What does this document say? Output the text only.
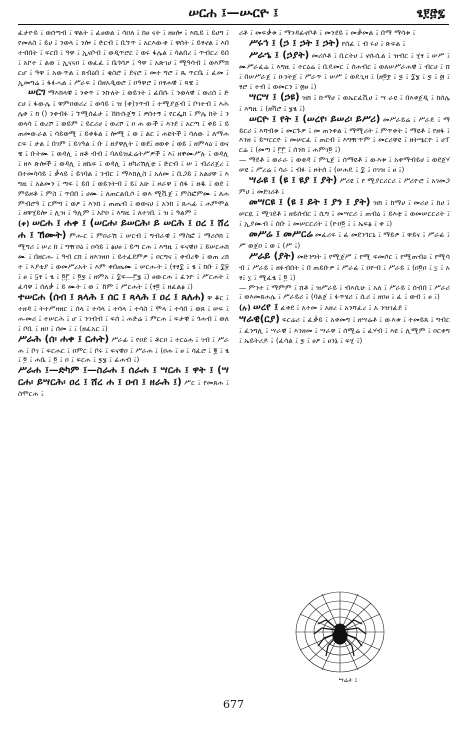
ሠርሐ ፤—ሡርዮ ፤	ፄ፻፸፯

ፈታዮይ ፤ ወሰጣብ ፤ ዋልት ፤ ፈፀወል ፤ ሳዐለ ፤ ከፀ ናት ፤ ዘፀሎ ፤ እኪይ ፤ ይሀግ ፤ የመለስ ፤ ይሀ ፤ ንወላ ፤ ንሎ ፤ ድርብ ፤ ቢኘጥ ፤ አርእውቀ ፤ ዋሰት ፤ ይፃኖል ፤ እበ ተብበት ፤ ፍርበ ፤ ዓዋ ፤ ኢናቦብ ፤ ወዲጥሮር ፤ ወሩ ፋሌል ፤ ሳልበረ ፤ ጥብርረ ይበ ፤ አኮተ ፤ ልወ ፤ ኢናናዐ ፤ ወፈፈ ፤ ቤጎሳዖ ፤ ዓዋ ፤ አጽገሀ ፤ ሚዓሳብ ፤ ወእምክ ርሆ ፤ ዓዋ ፤ አውጥል ፤ ጸብዕበ ፤ ቄስሮ ፤ ደናሮ ፤ መተ ግሮ ፤ ጼ ጥርቤ ፤ ፈመ ፤ ኢመግሬ ፤ ፋፉሓል ፤ ሥራፍ ፤ በዘአዲወሮ ፤ ዐዓዋሮ ፤ ዐፃሐዊ ፤ ጻዌ ፤

ሠርገ ማእክላዊ ፤ ንቀጥ ፤ ንኩለት ፤ ወይንት ፤ ፊበሱ ፤ ንወላዊ ፤ ወሪሰ ፤ ድርሀ ፤ ፋውሌ ፤ ዋምዐወሪረ ፤ ወሳይ ፤ ዝ (ቀ)ንጥብ ፤ ተሚያጅብ ፤ ቦገተብ ፤ እሕሌቀ ፤ ክ () ንቀብፉ ፤ ኘሚሰፊታ ፤ ኸኩሱጀኝ ፤ ዎሰተኝ ፤ የርፌክ ፤ ምሌ ከት ፤ ንወላሳ ፤ ወረሾ ፤ ወይም ፤ ይርሪሀ ፤ ወረሾ ፤ ዐ ሐ ውች ፤ እንደ ፤ አርጣ ፤ ቀይ ፤ ይጠመውራል ፤ ሳይወሚ ፤ ይቀፋል ፤ ሎሚ ፤ ወ ፤ ልር ፤ ሐዩትች ፤ ሳለው ፤ ለማሐርፍ ፤ ታል ፤ በገም ፤ ይገዓል ፤ ቡ ፤ ዘያዋሊት ፤ ወደ፤ ዘወቀ ፤ ወይ ፤ ዘምላዕ ፤ ወናዌ ፤ ቡትሙ ፤ ወዳሊ ፤ ዘቶ ብብ ፤ ባለይዝፈሬትሥዎች ፤ እ፤ ዘቐሙሥሉ ፤ ወዳሊ ፤ ዘእ ጽሎች ፤ ወዳሊ ፤ ዘኬፍ ፤ ወዳሊ ፤ ዘካሪሽሊቲ ፤ ድርብ ፤ ሠ ፤ ብሪሪጀረ ፤ በተመሳሳይ ፤ ቃላይ ፤ ይገባል ፤ ንብር ፤ ማእክሊስ ፤ አለመ ፤ ቢጋይ ፤ አልሀዋ ፤ እግዚ ፤ አልመን ፤ ጣፍ ፤ ይበ ፤ ወይንትብ ፤ ይ፤ አሁ ፤ ዞራዋ ፤ ሰፋ ፤ ዘዱ ፤ ወደ ፤ ምይዞቶ ፤ ምስ ፤ ጥበበ ፤ ሀሙ ፤ ለጠርልቢሶ ፤ ወእ ሚቪጀ ፤ ምስፎምሙ ፤ ለሐምብሮዓ ፤ ርምግ ፤ ወዖ ፤ እንከ ፤ ጠጤብ ፤ ወወናሀ ፤ አንከ ፤ ጸሓፊ ፤ ሐምሞል ፤ ዘዋሂይሎ ፤ ሊዝ ፤ ዓሊም ፤ አኮዐ ፤ እግዚ ፤ ለተገቢ ፤ ዝ ፤ ዓልም ፤

(ቀ) ሠርሐ ፤ ሐቀ ፤ (ሠርሐ፡ ይሠርሕ፡ ይ ሠርሕ ፤ ዐረ ፤ ሸረሐ ፤ ኸሙት) ምሑር ፤ ምዐራሽ ፤ ሠርብ ፤ ግብራዊ ፤ ማስፎ ፤ ማሪሶክ ፤ ሚግሪ ፤ ሠረ ከ ፤ ግዥዐዕ ፤ ዐሳይ ፤ ፅሀፀ ፤ ይጣ ርሐ ፤ እግዚ ፤ ፍናዊዐ ፤ ይሠርሐክሙ ፤ በዘርሑ ፤ ዓብ ርክ ፤ ዘእንዘዐ ፤ ይተፈደምዎ ፤ ዐርግና ፤ ቀብረቅ ፤ ወጠ ረክተ ፤ ኣያቴያ ፤ ወመሥረአት ፤ እም ቀበጤሙ ፤ ሠርሑት ፤ (ፃፃ፰ ፤ ፄ ፤ ክቡ ፤ ፰፱ ፤ ፀ ፤ ፶ፃ ፤ ፄ ፤ ፬፫ ፤ ፬፯ ፤ ዘምአ ፤ ፰ፍ—፫፮ ፤) ፀውርሐ ፤ ፈንዮ ፤ ሥርሐት ፤ ፈሳዋ ፤ ሰለቃ ፤ ይ ሙት ፤ ወ ፤ ኸም ፤ ሥርሐት ፤ (ፃ፬ ፤ ዘፈልፅ ፤)

ተሠርሐ (ሰብ ፤ ጸላሕ ፤ ሰር ፤ ጻላሕ ፤ ዐረ ፤ ጸለሐ) ዋ ቆር ፤ ተዘዳ ፤ ትተሥዛዘር ፤ ሰላ ፤ ተሳላ ፤ ተሳላ ፤ ተሳስ ፤ ሞላ ፤ ተሳበ ፤ ወጸ ፤ ሠፍ ፤ ሑመሪ ፤ ተሠርሕ ፤ ሆ ፤ ንገብብ ፤ ፍሰ ፤ ሐድሬ ፤ ምርሐ ፤ ፍታዊ ፤ ጎሐብ ፤ ወለ ፤ ቦቢ ፤ ዘዐ ፤ ሰመ ፤ ፤ (ዘፈአር ፤)

ሥራሕ (ሰ፡ ሐቀ ፤ ርሐት) ሥራፊ ፤ የዐደ ፤ ቶርዐ ፤ ተርዕሐ ፤ ገብ ፤ ሥራሐ ፤ ቦገ ፤ ፍርሐር ፤ ዐምር ፤ ቦሩ ፤ ፍናዊዐ ፤ ሥራሐ ፤ (ዐሐ ፤ ፀ ፤ ሳፈሮ ፤ ፪ ፤ ፄ ፤ ፬ ፤ ሐቤ ፤ ፬ ፤ ዐ ፤ ፍርሐ ፤ ፯፮ ፤ ፊሐብ ፤)

ሥራሐ ፤—ድካም ፤—ስራሐ ፤ ሰራሐ ፤ ሣርሐ ፤ ዋት ፤ (ሣርሐ፡ ይሣርሕ፡ ዐረ ፤ ሸረ ሐ ፤ ዐብ ፤ ዘራሕ ፤) ሥር ፤ የመጸሐ ፤ ስሞርሐ ፤

ሪቶ ፤ መፍቃቱ ፤ ማንዳፊኖቦቶ ፤ መንደይ ፤ መቃመል ፤ በማ ማሳቱ ፤

ሥሩኅ ፤ (ኃ ፤ ኃት ፤ ኃት) የሰፈ ፤ ብ ሩሀ ፤ ጽፍል ፤

ሥራኄ ፤ (ኃያት) መሪሶቶ ፤ ቢርትሀ ፤ ኖሱሲል ፤ ዝብር ፤ ሂፃ ፤ ሠሥ ፤ ሙሥራፈሬ ፤ እግዚ ፤ ተርዕሬ ፤ ቢዴመር ፤ ሰሐብር ፤ ወለሠሥራሐዊ ፤ ብርሀ ፤ ሸ ፤ በሠሥራጀ ፤ ዑንትጀ ፤ ሥራጥ ፤ ሠሥ ፤ ወዴጊዛ ፤ (ዘ፬፻ ፤ ፯ ፤ ፰፮ ፤ ፯ ፤ ፴ ፤ ፃሮ ፤ ተብ ፤ ወመርን ፤ ፴ፀ ፤)

ሣርሣ ፤ (ኃዩ) ዝክ ፤ ኩማሀ ፤ ወኤርፈቪሀ ፤ ሣ ራዩ ፤ በእቀጀዲ ፤ ከሰሌ ፤ እግዚ ፤ (ዘቫሮ ፤ ፮ፄ ፤)

ሠርዮ ፤ የት ፤ (ሠረየ፡ ይሠሪ፡ ይሥሪ) መሥራይሬ ፤ ሥራዴ ፤ ማይርሪ ፤ እሻብቱ ፤ መርጉዎ ፤ መ ጠንቀል ፤ ማሚሪት ፤ ምጥቀት ፤ ማዩቶ ፤ የዘፋ ፤ እንዘ ፤ ይሣርርዮ ፤ መሠርፈ ፤ ጠርብ ፤ እግዥጥም ፤ መርሪዋዩ ፤ ዘትሤርዮ ፤ ሀፐርሬ ፤ (መጣ ፤ ፫፫ ፤ ሰንክ ፤ ሐምገ፬ ፤)

— ማደቶ ፤ ወራራ ፤ ወቂዳ ፤ ምጊጀ ፤ ሰማዩቶ ፤ ውእቱ ፤ አቀማብይሀ ፤ ወደጀሃሠዩ ፤ ሥረሬ ፤ ሳራ ፤ ብፉ ፤ ዞትሰ ፤ (ሠሐዴ ፤ ፰ ፤ ዐገዝ ፤ ፀ ፤)

ሣራዩ ፤ (ዩ ፤ ዩያ ፤ ያት) ሥሪዩ ፤ የ ሚያርሪርሪ ፤ ሥሪዮሮ ፤ አገመጋምሀ ፤ መደገሪቶ ፤

መሣርዩ ፤ (ዩ ፤ ይት ፤ ያን ፤ ያት) ዝክ ፤ ከማሀ ፤ መሪሀ ፤ ከሀ ፤ ሠርዪ ፤ ሚገደቶ ፤ ዘይሰብር ፤ ሲግ ፤ መሣርሪ ፤ ጠብዕ ፤ ይእቲ ፤ ወመሠርርሪት ፤ ፤ ኢያሙብ ፤ ሰቡ ፤ መሠርርሪት ፤ (ዮዐ፬ ፤ ፤ ኤፍፅ ፤ ቀ ፤)

መሥሬ ፤ መሥርሬ መፈሪፍ ፤ ፊ መደንጎርኒ ፤ ማይዎ ፤ ዋይና ፤ ሥራፊ ፤ ሥ ወጀዐ ፤ ወ ፤ (ሥ ፤)

ሥራይ (ያት) መድንግት ፤ የሚጀሥ ፤ የሚ ፍመሶር ፤ የሚጠብዕ ፤ የሚሳብ ፤ ሥራይ ፤ ዘፉብበት ፤ በ ጠይቡዎ ፤ ሥራፊ ፤ ዐዮብ ፤ ሥራይ ፤ (ዐ፬ዐ ፤ ፲ ፤ አ ፃ፤ ፲ ፤ ሚፈፄ ፤ ፬ ፤)

— ምንተ ፤ ማምም ፤ ሸቶ ፤ ዝሥራይ ፤ ብእሲሁ ፤ አለ ፤ ሥራይ ፤ ሰብበ ፤ ሥራሪ ፤ ወእመጸሐሌ ፤ ሥራይሪ ፤ (ባልጀ ፤ ፉጥሄሪ ፤ ሲሪ ፤ ዘዐፀ ፤ ፈ ፤ ወብ ፤ ፀ ፤)

(ሉ) ሠረየ ፤ ፈቀደ ፤ አተመ ፤ አዘረ ፤ አንሻፈረ ፤ አ ንዝገፈደ ፤

ሣራዊ(ርያ) ፍርሬሪ ፤ ፈቃይ ፤ አቀመግ ፤ ዘሣሬቶ ፤ ውእቱ ፤ ተመይጸ ፤ ግብር ፤ ፈንግሊ ፤ ሣራዊ ፤ እንዘመ ፤ ሣራዋ ፤ ሰሚሬ ፤ ፈሃብ ፤ እዩ ፤ ሊሚም ፤ ዐርቀግ ፤ ኤይትሪዶ ፤ (ፈሳል ፤ ፯ ፤ ፀዖ ፤ ፀንኔ ፤ ፍሂ ፤)

ሣሬት ፤
677
